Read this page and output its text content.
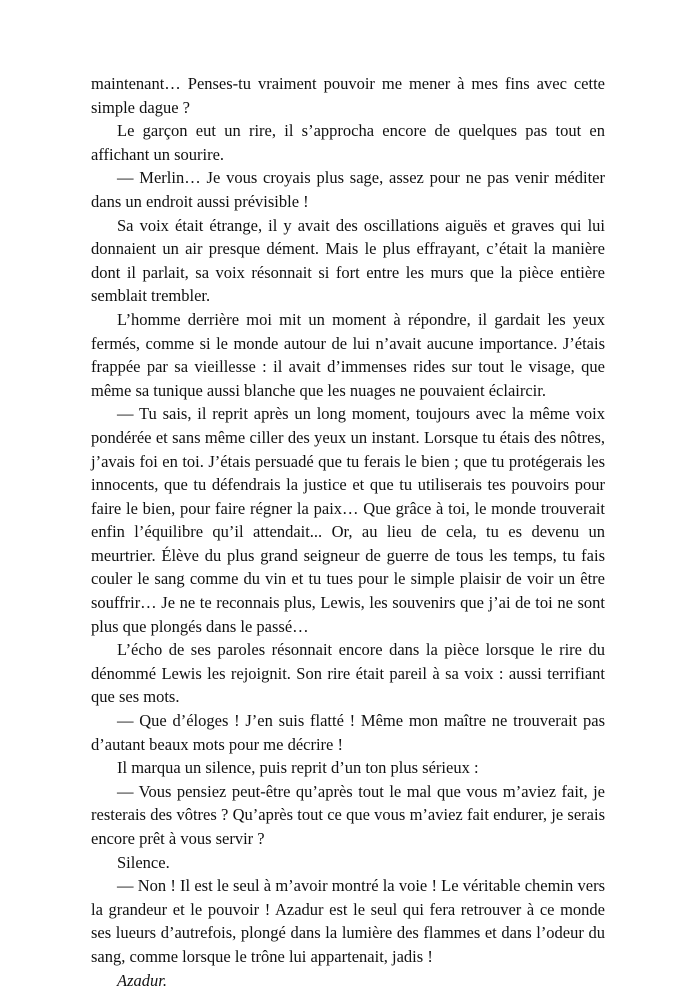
maintenant… Penses-tu vraiment pouvoir me mener à mes fins avec cette simple dague ?

Le garçon eut un rire, il s’approcha encore de quelques pas tout en affichant un sourire.

— Merlin… Je vous croyais plus sage, assez pour ne pas venir méditer dans un endroit aussi prévisible !

Sa voix était étrange, il y avait des oscillations aiguës et graves qui lui donnaient un air presque dément. Mais le plus effrayant, c’était la manière dont il parlait, sa voix résonnait si fort entre les murs que la pièce entière semblait trembler.

L’homme derrière moi mit un moment à répondre, il gardait les yeux fermés, comme si le monde autour de lui n’avait aucune importance. J’étais frappée par sa vieillesse : il avait d’immenses rides sur tout le visage, que même sa tunique aussi blanche que les nuages ne pouvaient éclaircir.

— Tu sais, il reprit après un long moment, toujours avec la même voix pondérée et sans même ciller des yeux un instant. Lorsque tu étais des nôtres, j’avais foi en toi. J’étais persuadé que tu ferais le bien ; que tu protégerais les innocents, que tu défendrais la justice et que tu utiliserais tes pouvoirs pour faire le bien, pour faire régner la paix… Que grâce à toi, le monde trouverait enfin l’équilibre qu’il attendait... Or, au lieu de cela, tu es devenu un meurtrier. Élève du plus grand seigneur de guerre de tous les temps, tu fais couler le sang comme du vin et tu tues pour le simple plaisir de voir un être souffrir… Je ne te reconnais plus, Lewis, les souvenirs que j’ai de toi ne sont plus que plongés dans le passé…

L’écho de ses paroles résonnait encore dans la pièce lorsque le rire du dénommé Lewis les rejoignit. Son rire était pareil à sa voix : aussi terrifiant que ses mots.

— Que d’éloges ! J’en suis flatté ! Même mon maître ne trouverait pas d’autant beaux mots pour me décrire !

Il marqua un silence, puis reprit d’un ton plus sérieux :

— Vous pensiez peut-être qu’après tout le mal que vous m’aviez fait, je resterais des vôtres ? Qu’après tout ce que vous m’aviez fait endurer, je serais encore prêt à vous servir ?

Silence.

— Non ! Il est le seul à m’avoir montré la voie ! Le véritable chemin vers la grandeur et le pouvoir ! Azadur est le seul qui fera retrouver à ce monde ses lueurs d’autrefois, plongé dans la lumière des flammes et dans l’odeur du sang, comme lorsque le trône lui appartenait, jadis !

Azadur.
